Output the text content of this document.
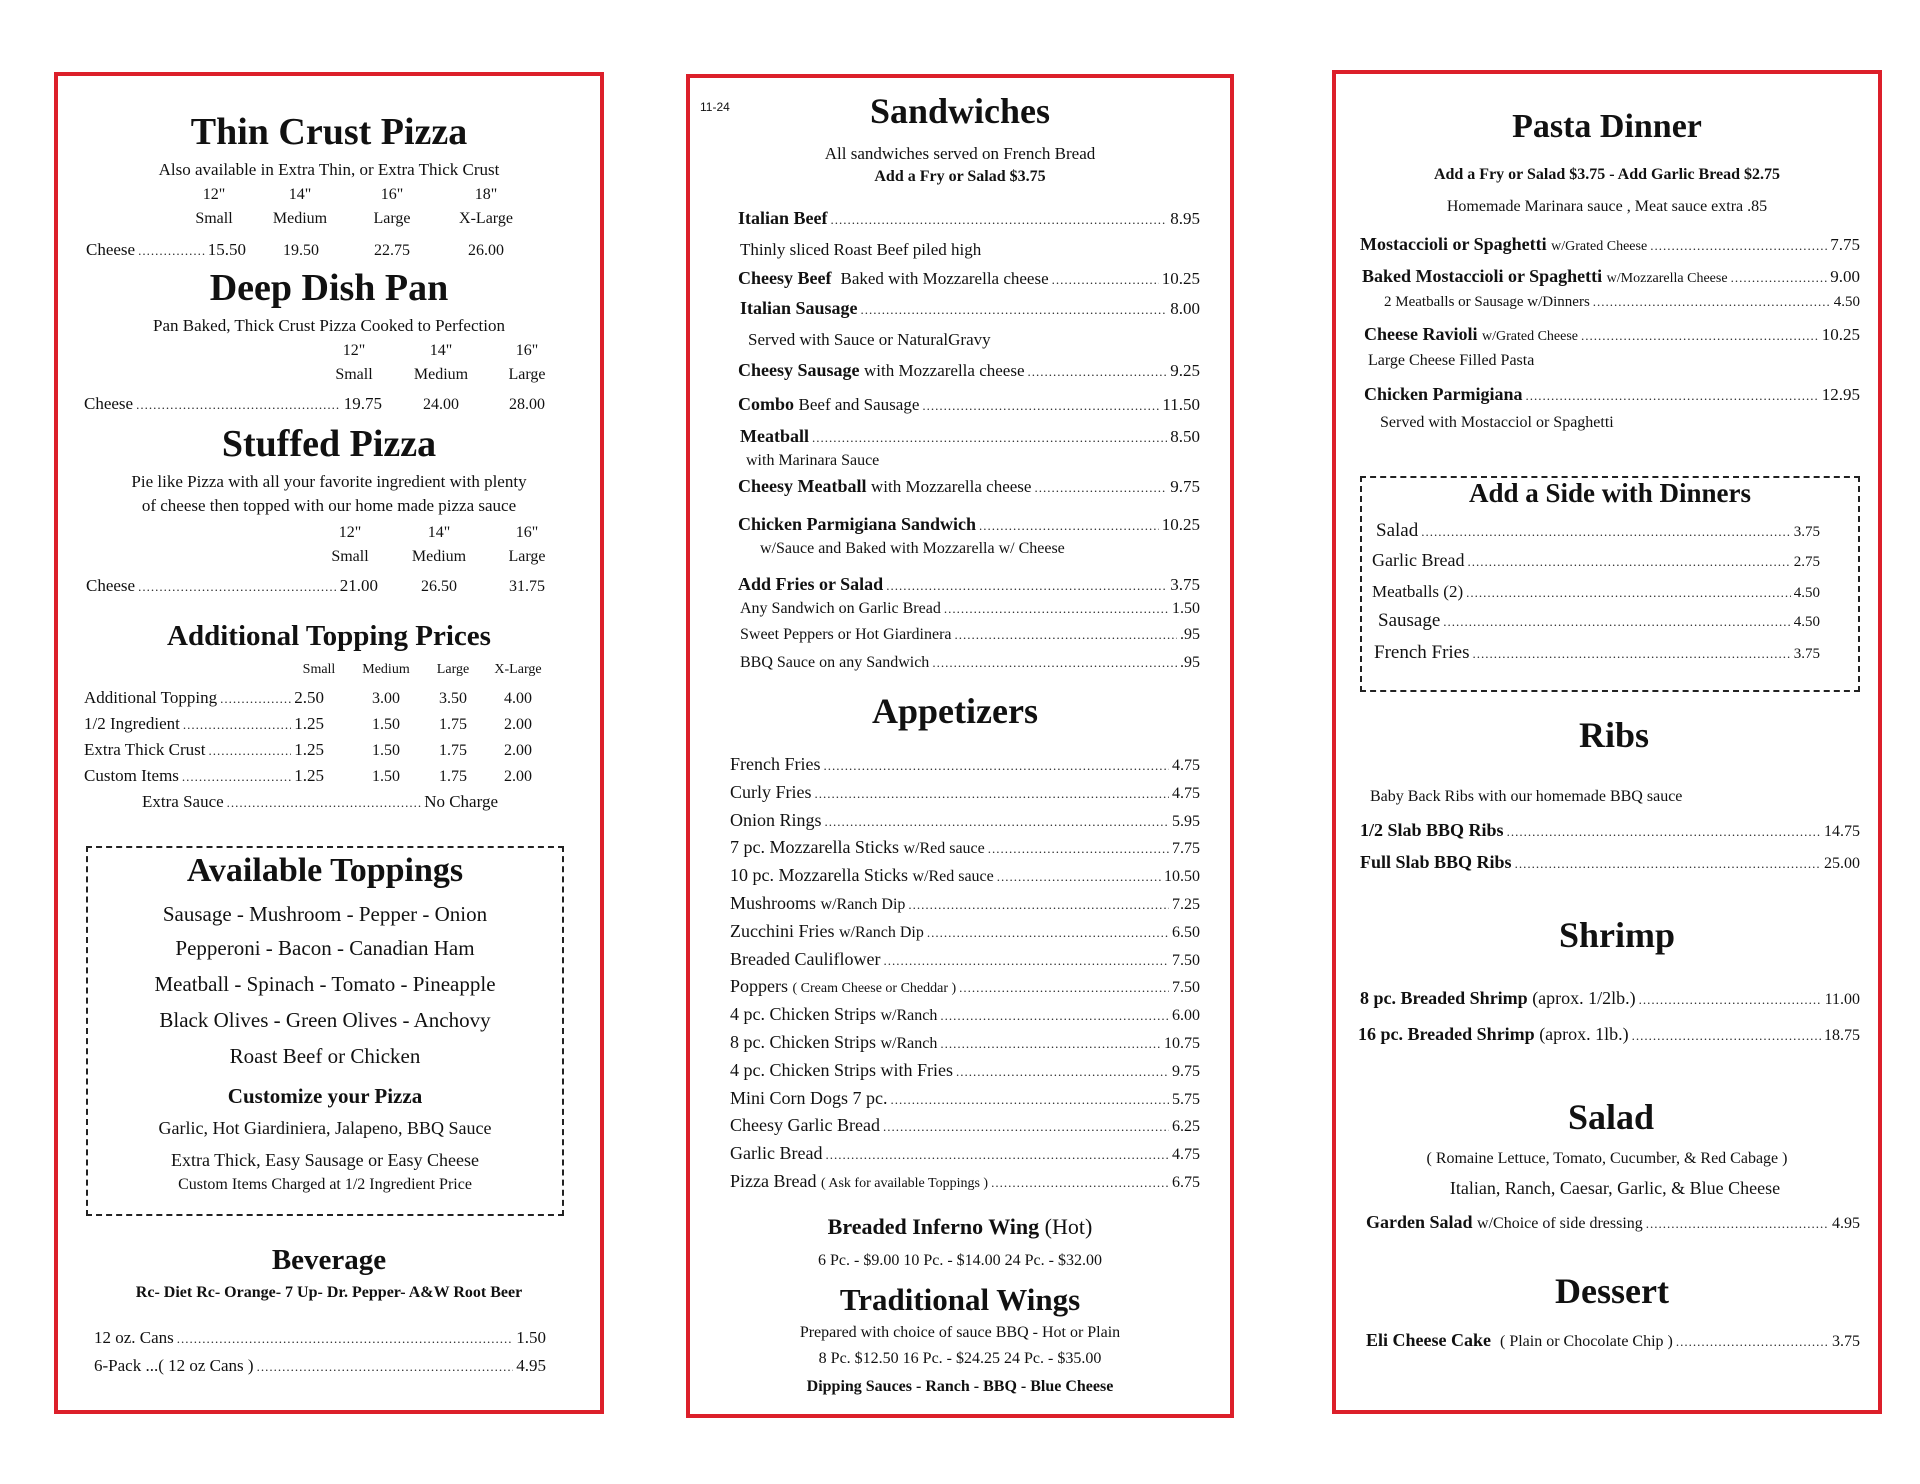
Thin Crust Pizza
Also available in Extra Thin, or Extra Thick Crust
12"	14"	16"	18"
Small	Medium	Large	X-Large
Cheese .....	15.50	19.50	22.75	26.00
Deep Dish Pan
Pan Baked, Thick Crust Pizza Cooked to Perfection
12"	14"	16"
Small	Medium	Large
Cheese .....	19.75	24.00	28.00
Stuffed Pizza
Pie like Pizza with all your favorite ingredient with plenty
of cheese then topped with our home made pizza sauce
12"	14"	16"
Small	Medium	Large
Cheese .....	21.00	26.50	31.75
Additional Topping Prices
Small	Medium	Large	X-Large
Additional Topping .....	2.50	3.00	3.50	4.00
1/2 Ingredient .....	1.25	1.50	1.75	2.00
Extra Thick Crust .....	1.25	1.50	1.75	2.00
Custom Items .....	1.25	1.50	1.75	2.00
Extra Sauce .....	No Charge
Available Toppings
Sausage - Mushroom - Pepper - Onion
Pepperoni - Bacon - Canadian Ham
Meatball - Spinach - Tomato - Pineapple
Black Olives - Green Olives - Anchovy
Roast Beef or Chicken
Customize your Pizza
Garlic, Hot Giardiniera, Jalapeno, BBQ Sauce
Extra Thick, Easy Sausage or Easy Cheese
Custom Items Charged at 1/2 Ingredient Price
Beverage
Rc- Diet Rc- Orange- 7 Up- Dr. Pepper- A&W Root Beer
12 oz. Cans .....	1.50
6-Pack ...( 12 oz Cans ) .....	4.95
11-24	Sandwiches
All sandwiches served on French Bread
Add a Fry or Salad $3.75
Italian Beef .....	8.95
Thinly sliced Roast Beef piled high
Cheesy Beef Baked with Mozzarella cheese .....	10.25
Italian Sausage .....	8.00
Served with Sauce or NaturalGravy
Cheesy Sausage with Mozzarella cheese .....	9.25
Combo Beef and Sausage .....	11.50
Meatball .....	8.50
with Marinara Sauce
Cheesy Meatball with Mozzarella cheese .....	9.75
Chicken Parmigiana Sandwich .....	10.25
w/Sauce and Baked with Mozzarella w/ Cheese
Add Fries or Salad .....	3.75
Any Sandwich on Garlic Bread .....	1.50
Sweet Peppers or Hot Giardinera .....	.95
BBQ Sauce on any Sandwich .....	.95
Appetizers
French Fries .....	4.75
Curly Fries .....	4.75
Onion Rings .....	5.95
7 pc. Mozzarella Sticks w/Red sauce .....	7.75
10 pc. Mozzarella Sticks w/Red sauce .....	10.50
Mushrooms w/Ranch Dip .....	7.25
Zucchini Fries w/Ranch Dip .....	6.50
Breaded Cauliflower .....	7.50
Poppers ( Cream Cheese or Cheddar ) .....	7.50
4 pc. Chicken Strips w/Ranch .....	6.00
8 pc. Chicken Strips w/Ranch .....	10.75
4 pc. Chicken Strips with Fries .....	9.75
Mini Corn Dogs 7 pc. .....	5.75
Cheesy Garlic Bread .....	6.25
Garlic Bread .....	4.75
Pizza Bread ( Ask for available Toppings ) .....	6.75
Breaded Inferno Wing (Hot)
6 Pc. - $9.00 10 Pc. - $14.00 24 Pc. - $32.00
Traditional Wings
Prepared with choice of sauce BBQ - Hot or Plain
8 Pc. $12.50 16 Pc. - $24.25 24 Pc. - $35.00
Dipping Sauces - Ranch - BBQ - Blue Cheese
Pasta Dinner
Add a Fry or Salad $3.75 - Add Garlic Bread $2.75
Homemade Marinara sauce , Meat sauce extra .85
Mostaccioli or Spaghetti w/Grated Cheese .....	7.75
Baked Mostaccioli or Spaghetti w/Mozzarella Cheese .....	9.00
2 Meatballs or Sausage w/Dinners .....	4.50
Cheese Ravioli w/Grated Cheese .....	10.25
Large Cheese Filled Pasta
Chicken Parmigiana .....	12.95
Served with Mostacciol or Spaghetti
Add a Side with Dinners
Salad .....	3.75
Garlic Bread .....	2.75
Meatballs (2) .....	4.50
Sausage .....	4.50
French Fries .....	3.75
Ribs
Baby Back Ribs with our homemade BBQ sauce
1/2 Slab BBQ Ribs .....	14.75
Full Slab BBQ Ribs .....	25.00
Shrimp
8 pc. Breaded Shrimp (aprox. 1/2lb.) .....	11.00
16 pc. Breaded Shrimp (aprox. 1lb.) .....	18.75
Salad
( Romaine Lettuce, Tomato, Cucumber, & Red Cabage )
Italian, Ranch, Caesar, Garlic, & Blue Cheese
Garden Salad w/Choice of side dressing .....	4.95
Dessert
Eli Cheese Cake ( Plain or Chocolate Chip ) .....	3.75
